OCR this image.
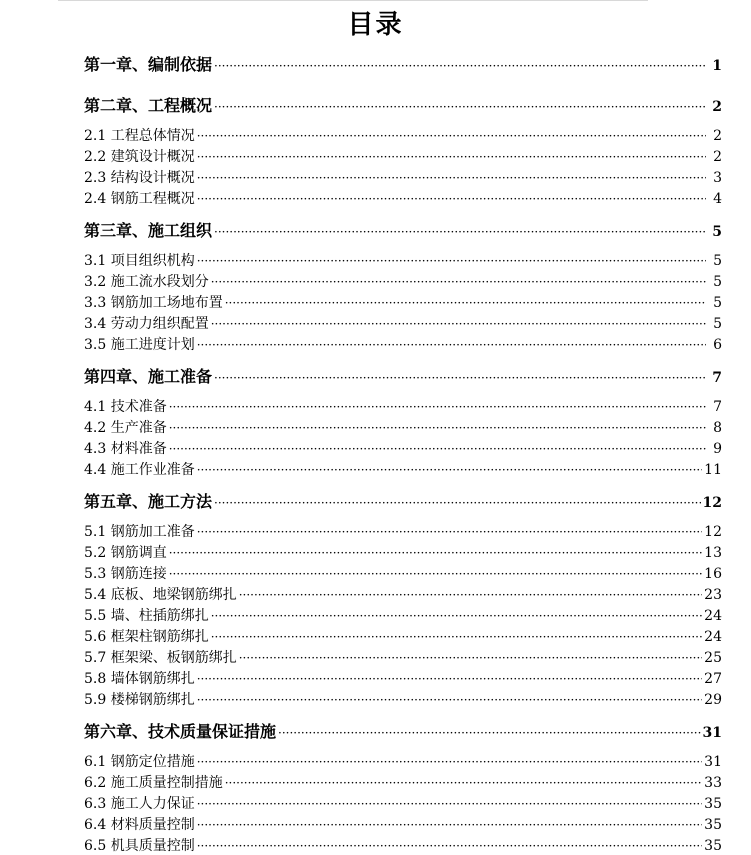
目录
第一章、编制依据 ·····	1
第二章、工程概况 ·····	2
2.1 工程总体情况 ·····	2
2.2 建筑设计概况 ·····	2
2.3 结构设计概况 ·····	3
2.4 钢筋工程概况 ·····	4
第三章、施工组织 ·····	5
3.1 项目组织机构 ·····	5
3.2 施工流水段划分 ·····	5
3.3 钢筋加工场地布置 ·····	5
3.4 劳动力组织配置 ·····	5
3.5 施工进度计划 ·····	6
第四章、施工准备 ·····	7
4.1 技术准备 ·····	7
4.2 生产准备 ·····	8
4.3 材料准备 ·····	9
4.4 施工作业准备 ·····	11
第五章、施工方法 ·····	12
5.1 钢筋加工准备 ·····	12
5.2 钢筋调直 ·····	13
5.3 钢筋连接 ·····	16
5.4 底板、地梁钢筋绑扎 ·····	23
5.5 墙、柱插筋绑扎 ·····	24
5.6 框架柱钢筋绑扎 ·····	24
5.7 框架梁、板钢筋绑扎 ·····	25
5.8 墙体钢筋绑扎 ·····	27
5.9 楼梯钢筋绑扎 ·····	29
第六章、技术质量保证措施 ·····	31
6.1 钢筋定位措施 ·····	31
6.2 施工质量控制措施 ·····	33
6.3 施工人力保证 ·····	35
6.4 材料质量控制 ·····	35
6.5 机具质量控制 ·····	35
